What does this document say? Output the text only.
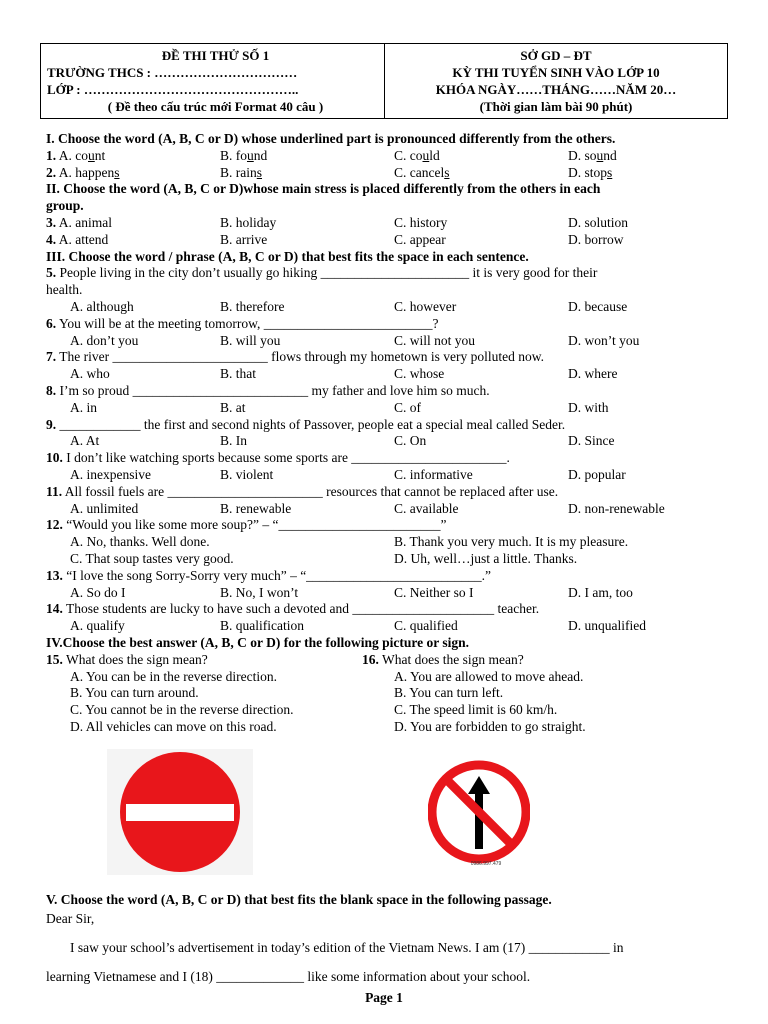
ĐỀ THI THỬ SỐ 1
TRƯỜNG THCS : ……………………………
LỚP : …………………………………………..
( Đề theo cấu trúc mới Format 40 câu )
SỞ GD – ĐT
KỲ THI TUYỂN SINH VÀO LỚP 10
KHÓA NGÀY……THÁNG……NĂM 20…
(Thời gian làm bài 90 phút)
I. Choose the word (A, B, C or D) whose underlined part is pronounced differently from the others.
1. A. count	B. found	C. could	D. sound
2. A. happens	B. rains	C. cancels	D. stops
II. Choose the word (A, B, C or D)whose main stress is placed differently from the others in each
group.
3. A. animal	B. holiday	C. history	D. solution
4. A. attend	B. arrive	C. appear	D. borrow
III. Choose the word / phrase (A, B, C or D) that best fits the space in each sentence.
5. People living in the city don’t usually go hiking ______________________ it is very good for their
health.
A. although	B. therefore	C. however	D. because
6. You will be at the meeting tomorrow, _________________________?
A. don’t you	B. will you	C. will not you	D. won’t you
7. The river _______________________ flows through my hometown is very polluted now.
A. who	B. that	C. whose	D. where
8. I’m so proud __________________________ my father and love him so much.
A. in	B. at	C. of	D. with
9. ____________ the first and second nights of Passover, people eat a special meal called Seder.
A. At	B. In	C. On	D. Since
10. I don’t like watching sports because some sports are _______________________.
A. inexpensive	B. violent	C. informative	D. popular
11. All fossil fuels are _______________________ resources that cannot be replaced after use.
A. unlimited	B. renewable	C. available	D. non-renewable
12. “Would you like some more soup?” – “________________________”
A. No, thanks. Well done.	B. Thank you very much. It is my pleasure.
C. That soup tastes very good.	D. Uh, well…just a little. Thanks.
13. “I love the song Sorry-Sorry very much” – “__________________________.”
A. So do I	B. No, I won’t	C. Neither so I	D. I am, too
14. Those students are lucky to have such a devoted and _____________________ teacher.
A. qualify	B. qualification	C. qualified	D. unqualified
IV.Choose the best answer (A, B, C or D) for the following picture or sign.
15. What does the sign mean?	16. What does the sign mean?
A. You can be in the reverse direction.	A. You are allowed to move ahead.
B. You can turn around.	B. You can turn left.
C. You cannot be in the reverse direction.	C. The speed limit is 60 km/h.
D. All vehicles can move on this road.	D. You are forbidden to go straight.
0986.997.479
V. Choose the word (A, B, C or D) that best fits the blank space in the following passage.
Dear Sir,
I saw your school’s advertisement in today’s edition of the Vietnam News. I am (17) ____________ in
learning Vietnamese and I (18) _____________ like some information about your school.
Page 1
